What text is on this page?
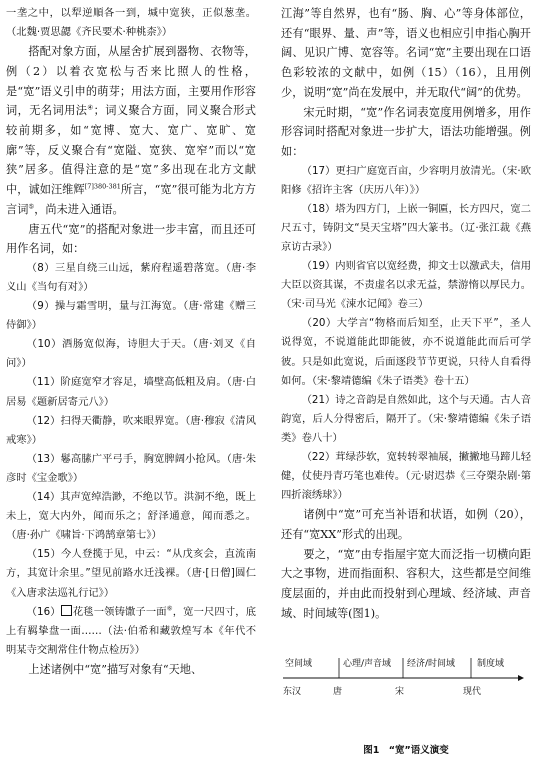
一垄之中，以犁逆順各一到，堿中宽狭，正似葱垄。（北魏·贾思勰《齐民要术·种桃柰》）

搭配对象方面，从屋舍扩展到器物、衣物等，例（2）以着衣宽松与否来比照人的性格，是“宽”语义引申的萌芽；用法方面，主要用作形容词，无名词用法④；词义聚合方面，同义聚合形式较前期多，如“宽博、宽大、宽广、宽旷、宽廓”等，反义聚合有“宽隘、宽狭、宽窄”而以“宽狭”居多。值得注意的是“宽”多出现在北方文献中，诚如汪维辉$^{[7]380-381}$所言，“宽”很可能为北方方言词⑤，尚未进入通语。

唐五代“宽”的搭配对象进一步丰富，而且还可用作名词，如：

（8）三星自绕三山远，紫府程遥碧落宽。（唐·李义山《当句有对》）

（9）操与霜雪明，量与江海宽。（唐·常建《赠三侍御》）

（10）酒肠宽似海，诗胆大于天。（唐·刘叉《自问》）

（11）阶庭宽窄才容足，墙壁高低粗及肩。（唐·白居易《题新居寄元八》）

（12）扫得天衢静，吹来眼界宽。（唐·穆寂《清风戒寒》）

（13）鬈高膆广平弓手，胸宽脾阔小抢风。（唐·朱彦时《宝金歌》）

（14）其声宽绰浩渺，不绝以节。洪洞不绝，既上未上，宽大内外，闻而乐之；舒泽通意，闻而悉之。（唐·孙广《啸旨·下鸿鹄章第七》）

（15）今人登揽于见，中云：“从戊亥会，直流南方，其宽计余里。”望见前路水迁浅裸。（唐·[日僧]圆仁《入唐求法巡礼行记》）

（16） 花毯一领铸馓子一面⑥，宽一尺四寸，底上有羁挚盘一面……（法·伯希和藏敦煌写本《年代不明某寺交割常住什物点检历》）

上述诸例中“宽”描写对象有“天地、

江海”等自然界，也有“肠、胸、心”等身体部位，还有“眼界、量、声”等，语义也相应引申指心胸开阔、见识广博、宽容等。名词“宽”主要出现在口语色彩较浓的文献中，如例（15）（16），且用例少，说明“宽”尚在发展中，并无取代“阔”的优势。

宋元时期，“宽”作名词表宽度用例增多，用作形容词时搭配对象进一步扩大，语法功能增强。例如：

（17）更扫广庭宽百亩，少容明月放清光。（宋·欧阳修《招许主客（庆历八年）》）

（18）塔为四方门，上嵌一铜匾，长方四尺，宽二尺五寸，铸阴文“昊天宝塔”四大篆书。（辽·张江裁《燕京访古录》）

（19）内则省官以宽经费，抑文士以激武夫，信用大臣以资其谋，不责虚名以求无益，禁游惰以厚民力。（宋·司马光《涑水记闻》卷三）

（20）大学言“物格而后知至，止天下平”，圣人说得宽，不说道能此即能彼，亦不说道能此而后可学彼。只是如此宽说，后面逐段节节更说，只待人自看得如何。（宋·黎靖德编《朱子语类》卷十五）

（21）诗之音韵是自然如此，这个与天通。古人音韵宽，后人分得密后，隔开了。（宋·黎靖德编《朱子语类》卷八十）

（22）茸绿莎软，宽转转翠袖展，撇撇地马蹄儿轻健，仗使丹青巧笔也难传。（元·尉迟恭《三夺槊杂剧·第四折滚绣球》）

诸例中“宽”可充当补语和状语，如例（20），还有“宽XX”形式的出现。

要之，“宽”由专指屋宇宽大而泛指一切横向距大之事物，进而指面积、容积大，这些都是空间维度层面的，并由此而投射到心理域、经济域、声音域、时间域等(图1)。

空间域	心理/声音域 经济/时间域 制度域
东汉	唐	宋	现代
图1　“宽”语义演变
